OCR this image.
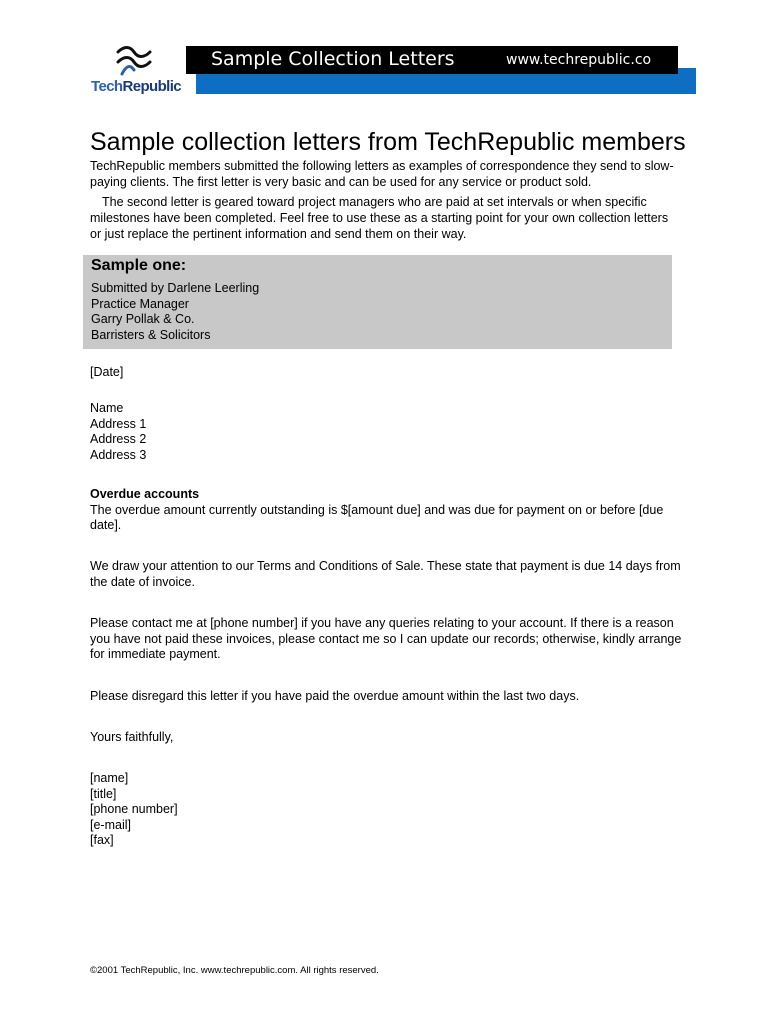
TechRepublic
Sample Collection Letters	www.techrepublic.co
Sample collection letters from TechRepublic members

TechRepublic members submitted the following letters as examples of correspondence they send to slow-paying clients. The first letter is very basic and can be used for any service or product sold.

The second letter is geared toward project managers who are paid at set intervals or when specific milestones have been completed. Feel free to use these as a starting point for your own collection letters or just replace the pertinent information and send them on their way.

Sample one:
Submitted by Darlene Leerling
Practice Manager
Garry Pollak & Co.
Barristers & Solicitors
[Date]
Name
Address 1
Address 2
Address 3
Overdue accounts
The overdue amount currently outstanding is $[amount due] and was due for payment on or before [due date].
We draw your attention to our Terms and Conditions of Sale. These state that payment is due 14 days from the date of invoice.
Please contact me at [phone number] if you have any queries relating to your account. If there is a reason you have not paid these invoices, please contact me so I can update our records; otherwise, kindly arrange for immediate payment.
Please disregard this letter if you have paid the overdue amount within the last two days.
Yours faithfully,
[name]
[title]
[phone number]
[e-mail]
[fax]
©2001 TechRepublic, Inc. www.techrepublic.com. All rights reserved.
